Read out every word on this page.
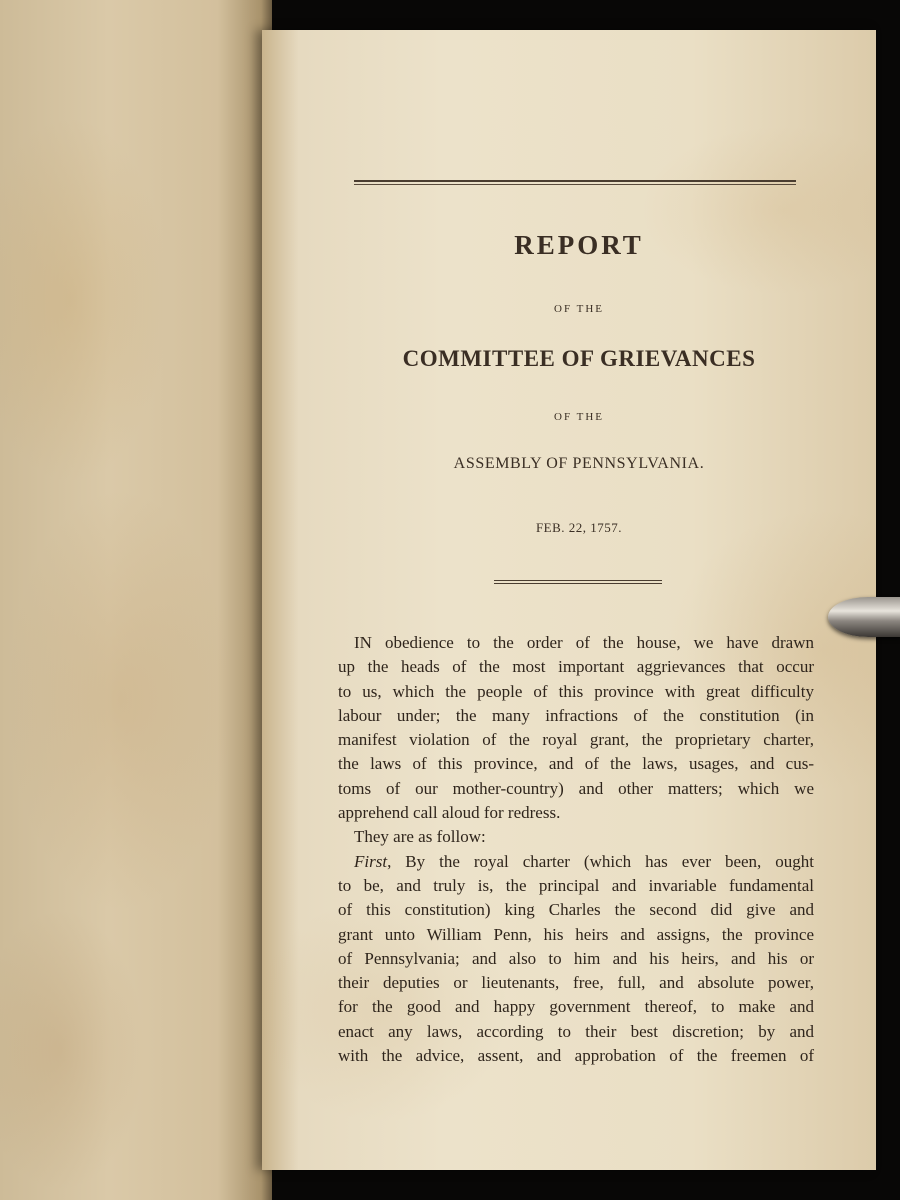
REPORT
OF THE
COMMITTEE OF GRIEVANCES
OF THE
ASSEMBLY OF PENNSYLVANIA.
FEB. 22, 1757.
IN obedience to the order of the house, we have drawn
up the heads of the most important aggrievances that occur
to us, which the people of this province with great difficulty
labour under; the many infractions of the constitution (in
manifest violation of the royal grant, the proprietary charter,
the laws of this province, and of the laws, usages, and cus-
toms of our mother-country) and other matters; which we
apprehend call aloud for redress.
They are as follow:
First, By the royal charter (which has ever been, ought
to be, and truly is, the principal and invariable fundamental
of this constitution) king Charles the second did give and
grant unto William Penn, his heirs and assigns, the province
of Pennsylvania; and also to him and his heirs, and his or
their deputies or lieutenants, free, full, and absolute power,
for the good and happy government thereof, to make and
enact any laws, according to their best discretion; by and
with the advice, assent, and approbation of the freemen of
